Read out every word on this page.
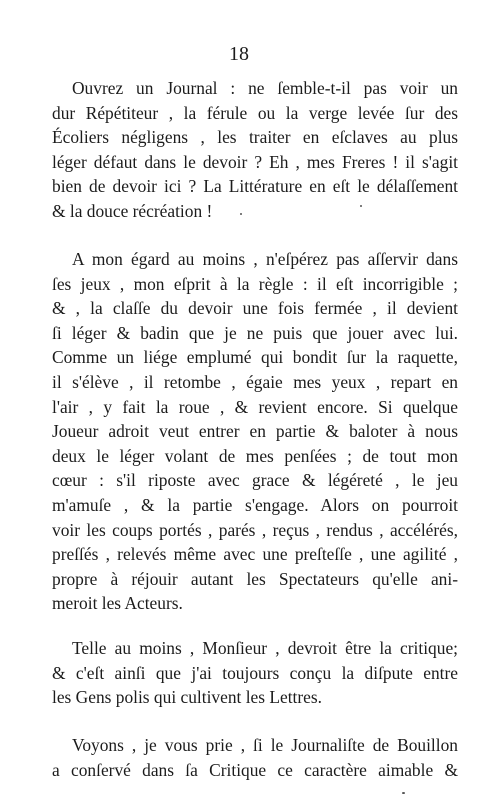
18
Ouvrez un Journal : ne ſemble-t-il pas voir un
dur Répétiteur , la férule ou la verge levée ſur des
Écoliers négligens , les traiter en eſclaves au plus
léger défaut dans le devoir ? Eh , mes Freres ! il s'agit
bien de devoir ici ? La Littérature en eſt le délaſſement
& la douce récréation !
A mon égard au moins , n'eſpérez pas aſſervir dans
ſes jeux , mon eſprit à la règle : il eſt incorrigible ;
& , la claſſe du devoir une fois fermée , il devient
ſi léger & badin que je ne puis que jouer avec lui.
Comme un liége emplumé qui bondit ſur la raquette,
il s'élève , il retombe , égaie mes yeux , repart en
l'air , y fait la roue , & revient encore. Si quelque
Joueur adroit veut entrer en partie & baloter à nous
deux le léger volant de mes penſées ; de tout mon
cœur : s'il riposte avec grace & légéreté , le jeu
m'amuſe , & la partie s'engage. Alors on pourroit
voir les coups portés , parés , reçus , rendus , accélérés,
preſſés , relevés même avec une preſteſſe , une agilité ,
propre à réjouir autant les Spectateurs qu'elle ani-
meroit les Acteurs.
Telle au moins , Monſieur , devroit être la critique;
& c'eſt ainſi que j'ai toujours conçu la diſpute entre
les Gens polis qui cultivent les Lettres.
Voyons , je vous prie , ſi le Journaliſte de Bouillon
a conſervé dans ſa Critique ce caractère aimable &
